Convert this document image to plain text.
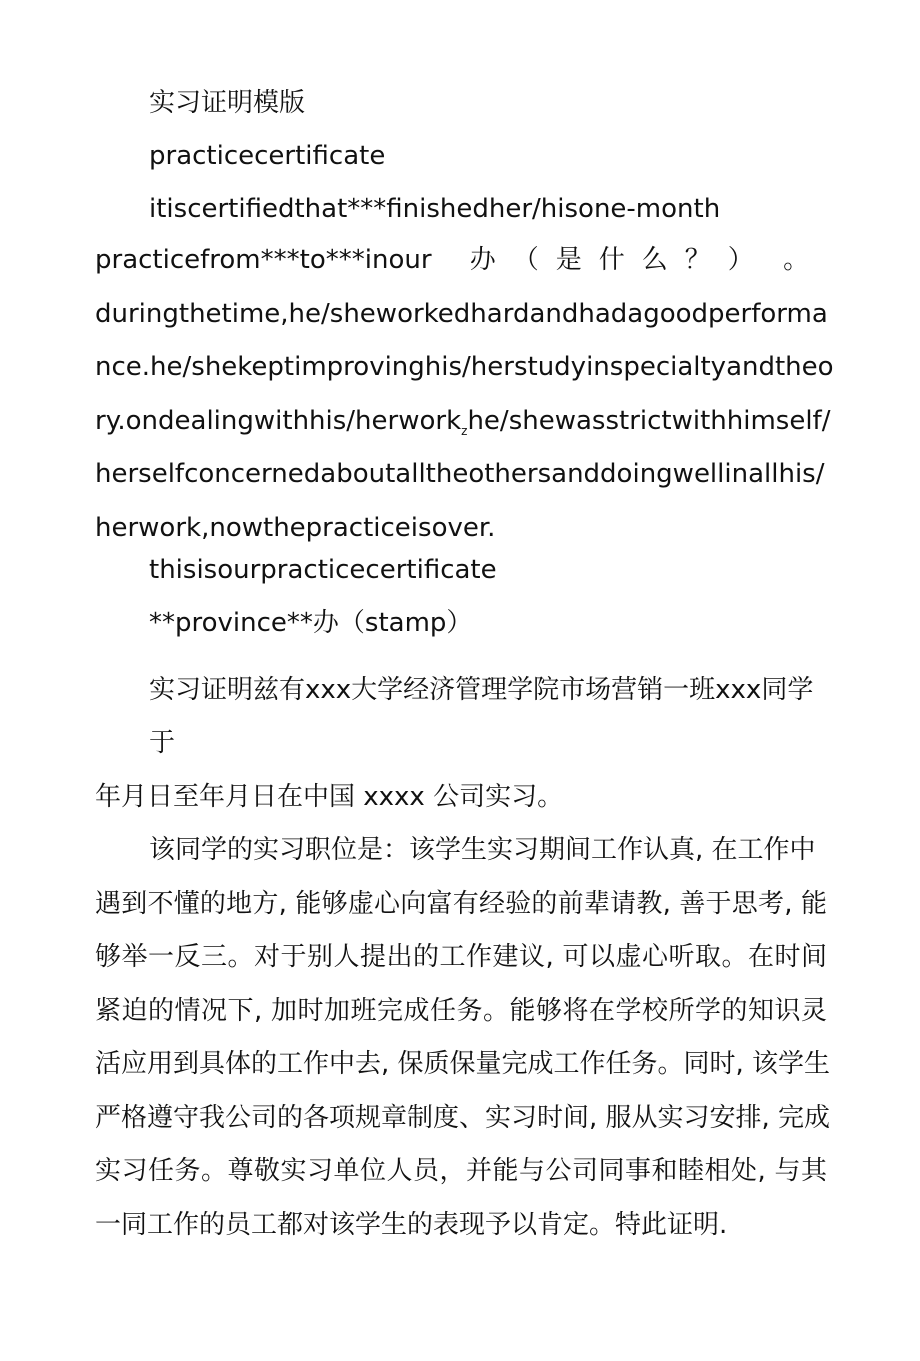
实习证明模版
practicecertificate
itiscertifiedthat***finishedher/hisone-month
practicefrom***to***inour 办（是什么？） 。
duringthetime,he/sheworkedhardandhadagoodperforma
nce.he/shekeptimprovinghis/herstudyinspecialtyandtheo
ry.ondealingwithhis/herwork$_z$he/shewasstrictwithhimself/
herselfconcernedaboutalltheothersanddoingwellinallhis/
herwork,nowthepracticeisover.
thisisourpracticecertificate
**province**办（stamp）
实习证明兹有xxx大学经济管理学院市场营销一班xxx同学
于
年月日至年月日在中国 xxxx 公司实习。
该同学的实习职位是：该学生实习期间工作认真, 在工作中
遇到不懂的地方, 能够虚心向富有经验的前辈请教, 善于思考, 能
够举一反三。对于别人提出的工作建议, 可以虚心听取。在时间
紧迫的情况下, 加时加班完成任务。能够将在学校所学的知识灵
活应用到具体的工作中去, 保质保量完成工作任务。同时, 该学生
严格遵守我公司的各项规章制度、实习时间, 服从实习安排, 完成
实习任务。尊敬实习单位人员，并能与公司同事和睦相处, 与其
一同工作的员工都对该学生的表现予以肯定。特此证明.
